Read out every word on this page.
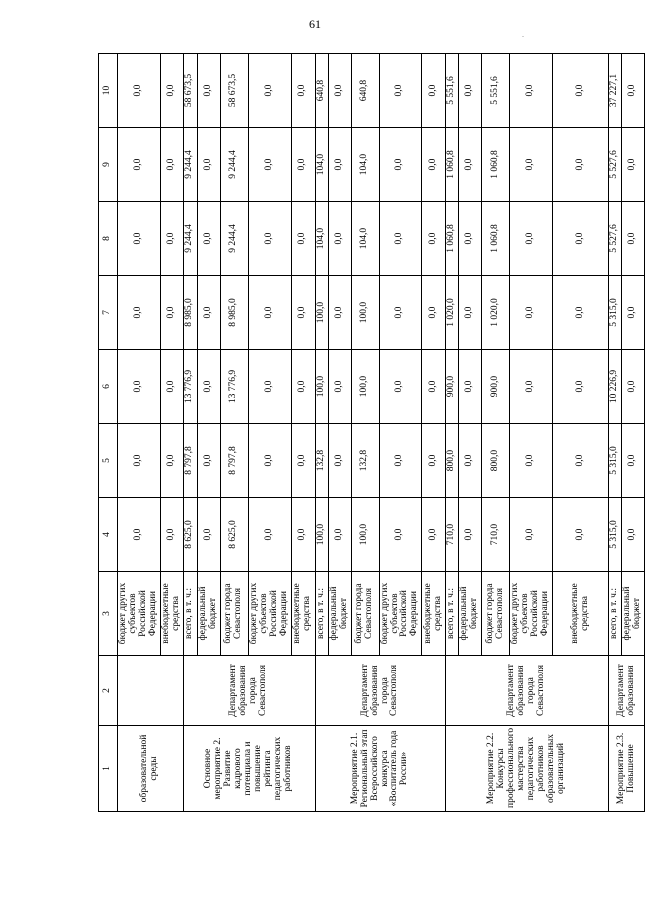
61
.
1	2	3	4	5	6	7	8	9	10
образовательной среды		бюджет других субъектов Российской Федерации	0,0	0,0	0,0	0,0	0,0	0,0	0,0
		внебюджетные средства	0,0	0,0	0,0	0,0	0,0	0,0	0,0
Основное мероприятие 2. Развитие кадрового потенциала и повышение рейтинга педагогических работников	Департамент образования города Севастополя	всего, в т. ч.:	8 625,0	8 797,8	13 776,9	8 985,0	9 244,4	9 244,4	58 673,5
		федеральный бюджет	0,0	0,0	0,0	0,0	0,0	0,0	0,0
		бюджет города Севастополя	8 625,0	8 797,8	13 776,9	8 985,0	9 244,4	9 244,4	58 673,5
		бюджет других субъектов Российской Федерации	0,0	0,0	0,0	0,0	0,0	0,0	0,0
		внебюджетные средства	0,0	0,0	0,0	0,0	0,0	0,0	0,0
Мероприятие 2.1. Региональный этап Всероссийского конкурса «Воспитатель года России»	Департамент образования города Севастополя	всего, в т. ч.:	100,0	132,8	100,0	100,0	104,0	104,0	640,8
		федеральный бюджет	0,0	0,0	0,0	0,0	0,0	0,0	0,0
		бюджет города Севастополя	100,0	132,8	100,0	100,0	104,0	104,0	640,8
		бюджет других субъектов Российской Федерации	0,0	0,0	0,0	0,0	0,0	0,0	0,0
		внебюджетные средства	0,0	0,0	0,0	0,0	0,0	0,0	0,0
Мероприятие 2.2. Конкурсы профессионального мастерства педагогических работников образовательных организаций	Департамент образования города Севастополя	всего, в т. ч.:	710,0	800,0	900,0	1 020,0	1 060,8	1 060,8	5 551,6
		федеральный бюджет	0,0	0,0	0,0	0,0	0,0	0,0	0,0
		бюджет города Севастополя	710,0	800,0	900,0	1 020,0	1 060,8	1 060,8	5 551,6
		бюджет других субъектов Российской Федерации	0,0	0,0	0,0	0,0	0,0	0,0	0,0
		внебюджетные средства	0,0	0,0	0,0	0,0	0,0	0,0	0,0
Мероприятие 2.3. Повышение	Департамент образования	всего, в т. ч.:	5 315,0	5 315,0	10 226,9	5 315,0	5 527,6	5 527,6	37 227,1
		федеральный бюджет	0,0	0,0	0,0	0,0	0,0	0,0	0,0
